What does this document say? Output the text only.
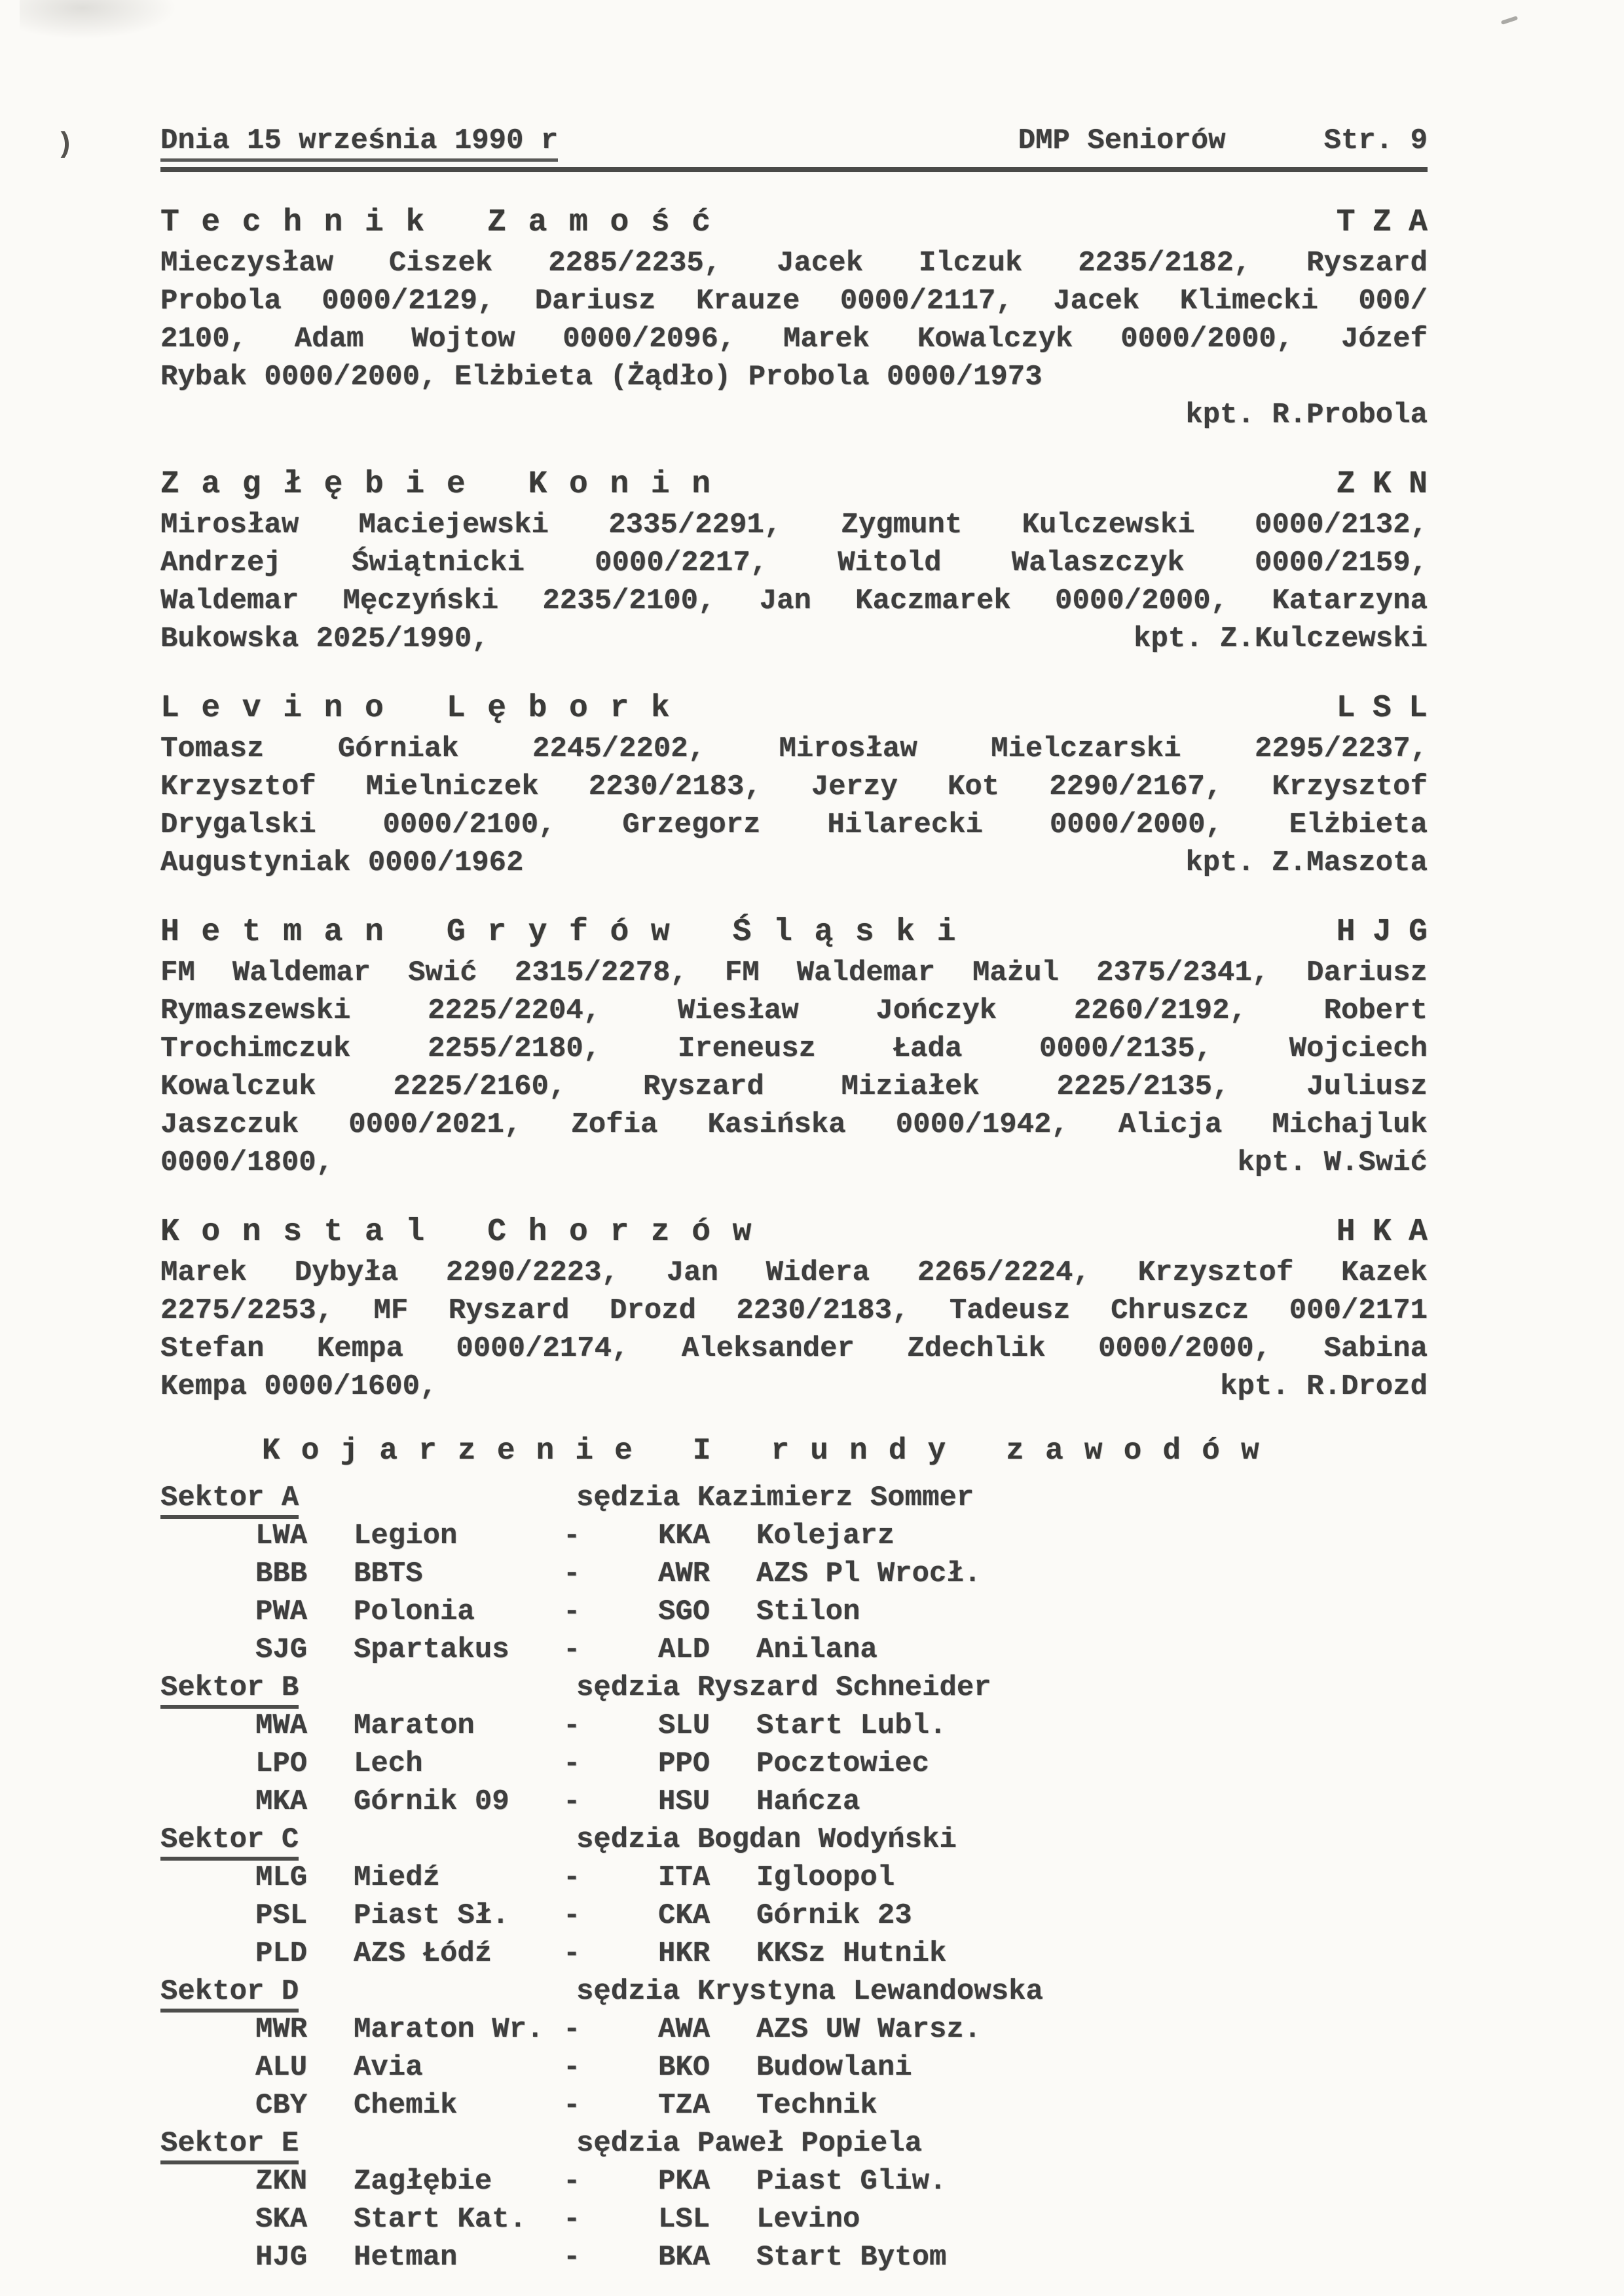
)	Dnia 15 września 1990 r	DMP Seniorów	Str. 9
Technik Zamość	TZA
Mieczysław Ciszek 2285/2235, Jacek Ilczuk 2235/2182, Ryszard
Probola 0000/2129, Dariusz Krauze 0000/2117, Jacek Klimecki 000/
2100, Adam Wojtow 0000/2096, Marek Kowalczyk 0000/2000, Józef
Rybak 0000/2000, Elżbieta (Żądło) Probola 0000/1973
kpt. R.Probola
Zagłębie Konin	ZKN
Mirosław Maciejewski 2335/2291, Zygmunt Kulczewski 0000/2132,
Andrzej Świątnicki 0000/2217, Witold Walaszczyk 0000/2159,
Waldemar Męczyński 2235/2100, Jan Kaczmarek 0000/2000, Katarzyna
Bukowska 2025/1990,	kpt. Z.Kulczewski
Levino Lębork	LSL
Tomasz Górniak 2245/2202, Mirosław Mielczarski 2295/2237,
Krzysztof Mielniczek 2230/2183, Jerzy Kot 2290/2167, Krzysztof
Drygalski 0000/2100, Grzegorz Hilarecki 0000/2000, Elżbieta
Augustyniak 0000/1962	kpt. Z.Maszota
Hetman Gryfów Śląski	HJG
FM Waldemar Swić 2315/2278, FM Waldemar Mażul 2375/2341, Dariusz
Rymaszewski 2225/2204, Wiesław Jończyk 2260/2192, Robert
Trochimczuk 2255/2180, Ireneusz Łada 0000/2135, Wojciech
Kowalczuk 2225/2160, Ryszard Miziałek 2225/2135, Juliusz
Jaszczuk 0000/2021, Zofia Kasińska 0000/1942, Alicja Michajluk
0000/1800,	kpt. W.Swić
Konstal Chorzów	HKA
Marek Dybyła 2290/2223, Jan Widera 2265/2224, Krzysztof Kazek
2275/2253, MF Ryszard Drozd 2230/2183, Tadeusz Chruszcz 000/2171
Stefan Kempa 0000/2174, Aleksander Zdechlik 0000/2000, Sabina
Kempa 0000/1600,	kpt. R.Drozd
Kojarzenie I rundy zawodów
Sektor A	sędzia Kazimierz Sommer
LWA	Legion	-	KKA	Kolejarz
BBB	BBTS	-	AWR	AZS Pl Wrocł.
PWA	Polonia	-	SGO	Stilon
SJG	Spartakus	-	ALD	Anilana
Sektor B	sędzia Ryszard Schneider
MWA	Maraton	-	SLU	Start Lubl.
LPO	Lech	-	PPO	Pocztowiec
MKA	Górnik 09	-	HSU	Hańcza
Sektor C	sędzia Bogdan Wodyński
MLG	Miedź	-	ITA	Igloopol
PSL	Piast Sł.	-	CKA	Górnik 23
PLD	AZS Łódź	-	HKR	KKSz Hutnik
Sektor D	sędzia Krystyna Lewandowska
MWR	Maraton Wr. -	AWA	AZS UW Warsz.
ALU	Avia	-	BKO	Budowlani
CBY	Chemik	-	TZA	Technik
Sektor E	sędzia Paweł Popiela
ZKN	Zagłębie	-	PKA	Piast Gliw.
SKA	Start Kat.	-	LSL	Levino
HJG	Hetman	-	BKA	Start Bytom
